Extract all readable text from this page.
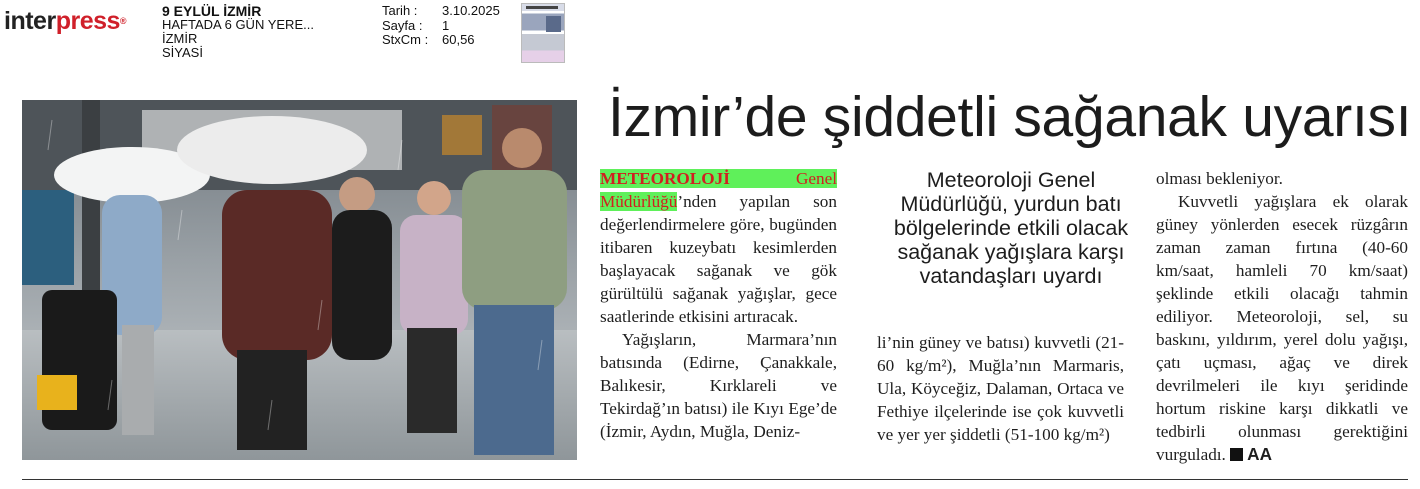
interpress®
9 EYLÜL İZMİR
HAFTADA 6 GÜN YERE...
İZMİR
SİYASİ
Tarih :	3.10.2025
Sayfa :	1
StxCm :	60,56
İzmir’de şiddetli sağanak uyarısı

METEOROLOJİ	Genel Müdürlüğü’nden yapılan son değerlendirmelere göre, bugünden itibaren kuzeybatı kesimlerden başlayacak sağanak ve gök gürültülü sağanak yağışlar, gece saatlerinde etkisini artıracak.

Yağışların, Marmara’nın batısında (Edirne, Çanakkale, Balıkesir, Kırklareli ve Tekirdağ’ın batısı) ile Kıyı Ege’de (İzmir, Aydın, Muğla, Deniz-

Meteoroloji Genel Müdürlüğü, yurdun batı bölgelerinde etkili olacak sağanak yağışlara karşı vatandaşları uyardı

li’nin güney ve batısı) kuvvetli (21-60 kg/m²), Muğla’nın Marmaris, Ula, Köyceğiz, Dalaman, Ortaca ve Fethiye ilçelerinde ise çok kuvvetli ve yer yer şiddetli (51-100 kg/m²)

olması bekleniyor.

Kuvvetli yağışlara ek olarak güney yönlerden esecek rüzgârın zaman zaman fırtına (40-60 km/saat, hamleli 70 km/saat) şeklinde etkili olacağı tahmin ediliyor. Meteoroloji, sel, su baskını, yıldırım, yerel dolu yağışı, çatı uçması, ağaç ve direk devrilmeleri ile kıyı şeridinde hortum riskine karşı dikkatli ve tedbirli olunması gerektiğini vurguladı. AA
